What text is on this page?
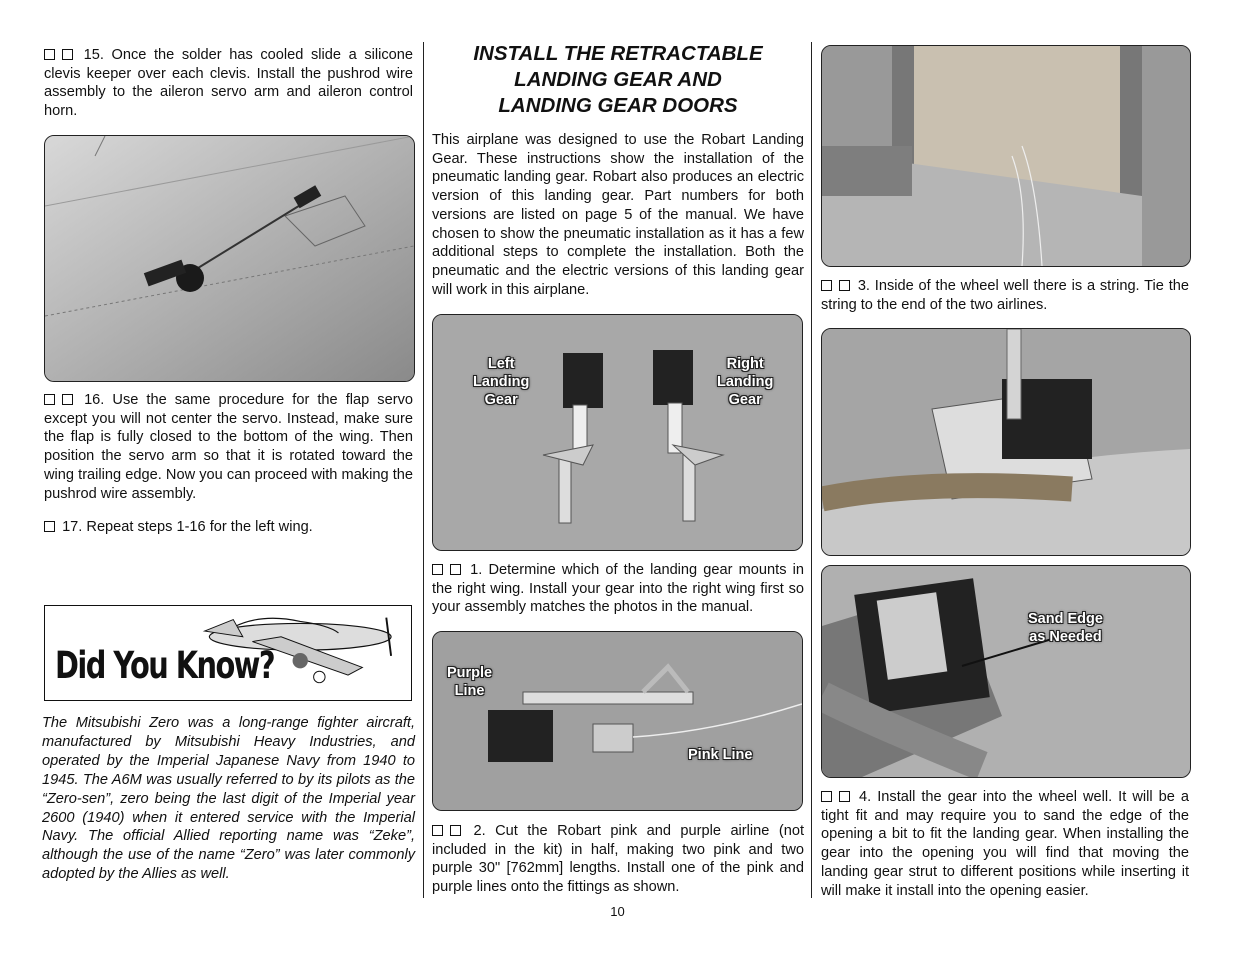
15. Once the solder has cooled slide a silicone clevis keeper over each clevis. Install the pushrod wire assembly to the aileron servo arm and aileron control horn.

16. Use the same procedure for the flap servo except you will not center the servo. Instead, make sure the flap is fully closed to the bottom of the wing. Then position the servo arm so that it is rotated toward the wing trailing edge. Now you can proceed with making the pushrod wire assembly.

17. Repeat steps 1-16 for the left wing.

Did You Know?

The Mitsubishi Zero was a long-range fighter aircraft, manufactured by Mitsubishi Heavy Industries, and operated by the Imperial Japanese Navy from 1940 to 1945. The A6M was usually referred to by its pilots as the “Zero-sen”, zero being the last digit of the Imperial year 2600 (1940) when it entered service with the Imperial Navy. The official Allied reporting name was “Zeke”, although the use of the name “Zero” was later commonly adopted by the Allies as well.

INSTALL THE RETRACTABLE

LANDING GEAR AND

LANDING GEAR DOORS

This airplane was designed to use the Robart Landing Gear. These instructions show the installation of the pneumatic landing gear. Robart also produces an electric version of this landing gear. Part numbers for both versions are listed on page 5 of the manual. We have chosen to show the pneumatic installation as it has a few additional steps to complete the installation. Both the pneumatic and the electric versions of this landing gear will work in this airplane.

Left
Landing
Gear
Right
Landing
Gear

1. Determine which of the landing gear mounts in the right wing. Install your gear into the right wing first so your assembly matches the photos in the manual.

Purple
Line
Pink Line

2. Cut the Robart pink and purple airline (not included in the kit) in half, making two pink and two purple 30" [762mm] lengths. Install one of the pink and purple lines onto the fittings as shown.

3. Inside of the wheel well there is a string. Tie the string to the end of the two airlines.

Sand Edge
as Needed

4. Install the gear into the wheel well. It will be a tight fit and may require you to sand the edge of the opening a bit to fit the landing gear. When installing the gear into the opening you will find that moving the landing gear strut to different positions while inserting it will make it install into the opening easier.

10
